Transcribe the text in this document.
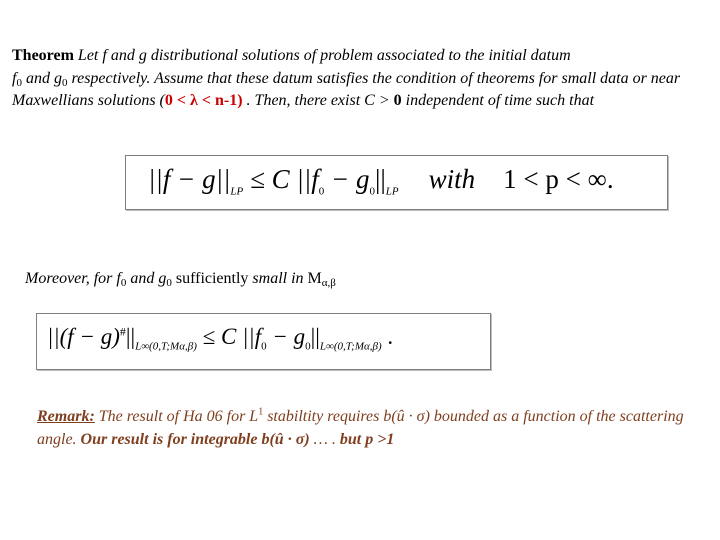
Theorem Let f and g distributional solutions of problem associated to the initial datum
$f_0$ and $g_0$ respectively. Assume that these datum satisfies the condition of theorems for small data or near Maxwellians solutions (0 < λ < n-1) . Then, there exist C > 0 independent of time such that
$||f - g||_{LP} \le C$ $||f_0 - g_0||_{LP}$ with 1 < p < ∞.
Moreover, for $f_0$ and $g_0$ sufficiently small in $M_{\alpha,\beta}$
$||(f - g)^{\#}||_{L\infty(0,T;M\alpha,\beta)} \le C$ $||f_0 - g_0||_{L\infty(0,T;M\alpha,\beta)}$ .
Remark: The result of Ha 06 for $L^1$ stabiltity requires b(û · σ) bounded as a function of the scattering angle. Our result is for integrable b(û · σ) … . but p >1
